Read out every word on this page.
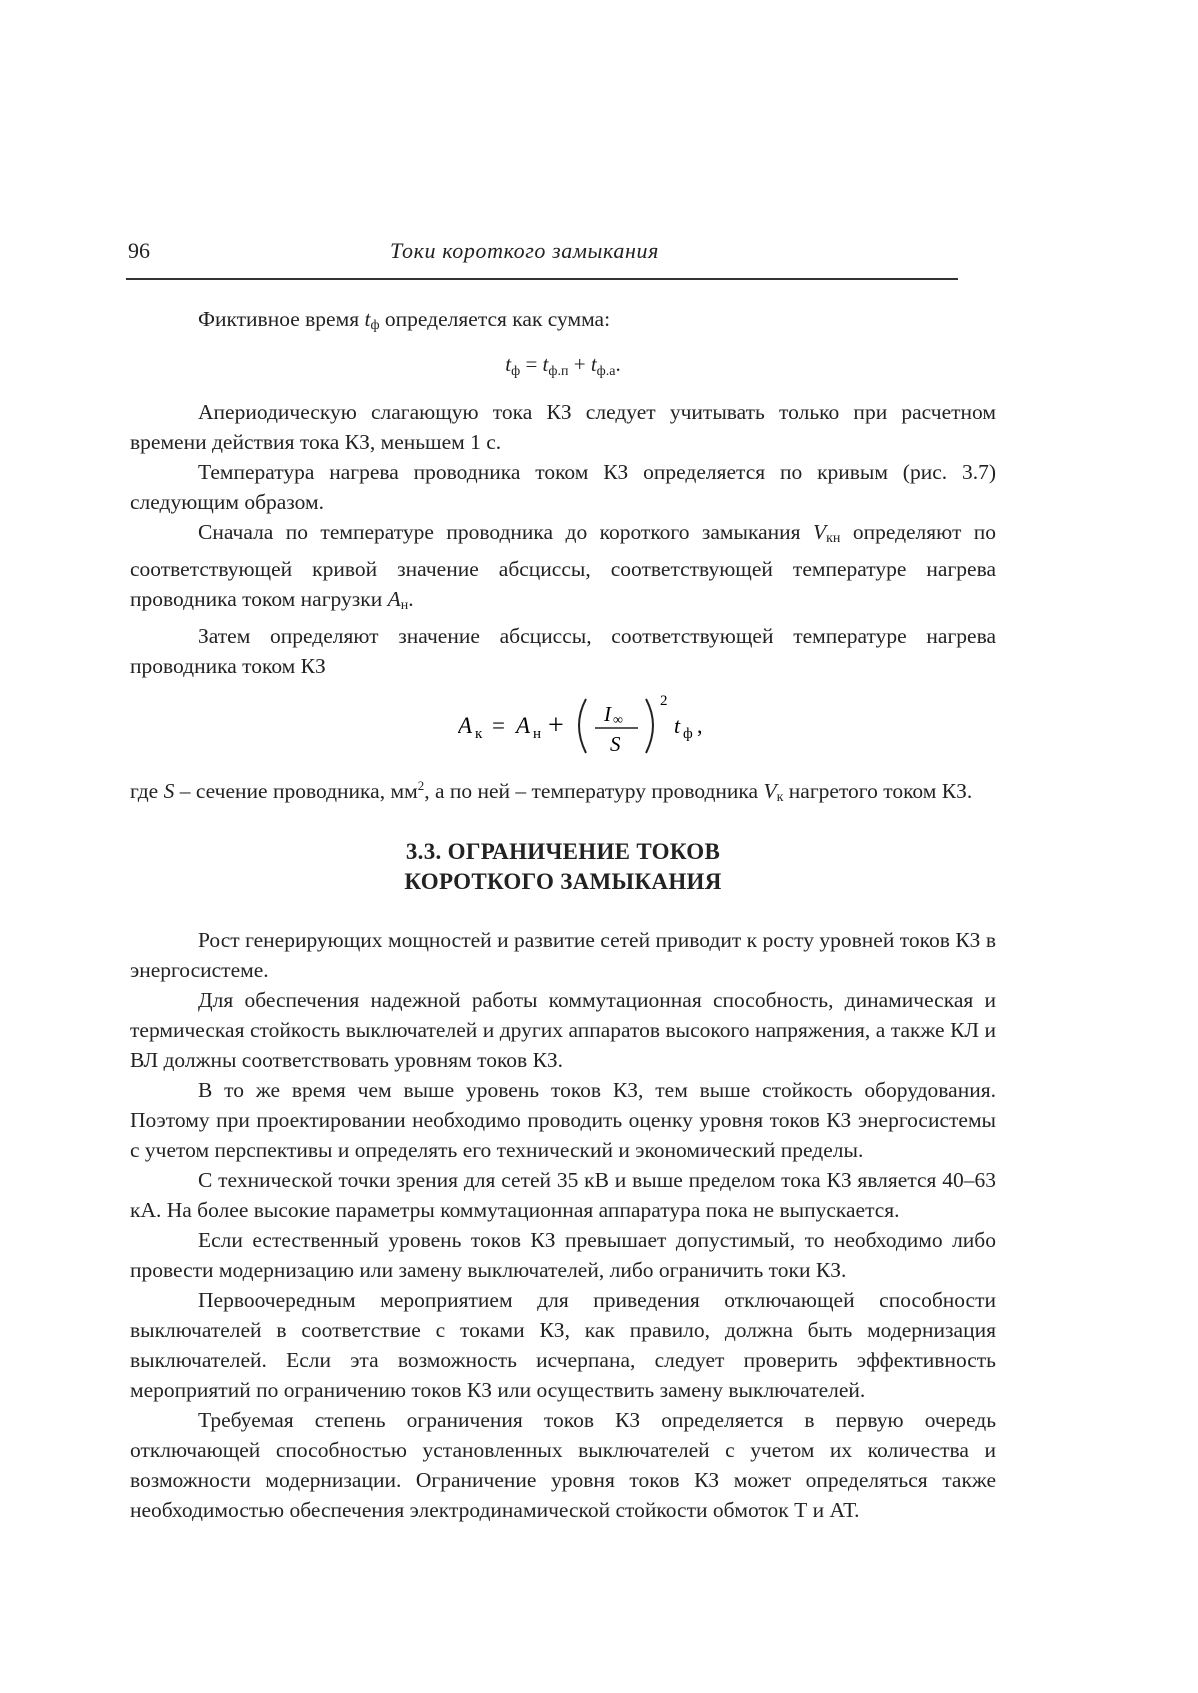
96	Токи короткого замыкания

Фиктивное время tф определяется как сумма:

$t_ф = t_{ф.п} + t_{ф.а}$.

Апериодическую слагающую тока КЗ следует учитывать только при расчетном времени действия тока КЗ, меньшем 1 с.

Температура нагрева проводника током КЗ определяется по кривым (рис. 3.7) следующим образом.

Сначала по температуре проводника до короткого замыкания Vкн определяют по соответствующей кривой значение абсциссы, соответствующей температуре нагрева проводника током нагрузки Aн.

Затем определяют значение абсциссы, соответствующей температуре нагрева проводника током КЗ

A к = A н + I ∞
S
2
t ф ,

где S – сечение проводника, $мм^2$, а по ней – температуру проводника Vк нагретого током КЗ.

3.3. ОГРАНИЧЕНИЕ ТОКОВ
КОРОТКОГО ЗАМЫКАНИЯ

Рост генерирующих мощностей и развитие сетей приводит к росту уровней токов КЗ в энергосистеме.

Для обеспечения надежной работы коммутационная способность, динамическая и термическая стойкость выключателей и других аппаратов высокого напряжения, а также КЛ и ВЛ должны соответствовать уровням токов КЗ.

В то же время чем выше уровень токов КЗ, тем выше стойкость оборудования. Поэтому при проектировании необходимо проводить оценку уровня токов КЗ энергосистемы с учетом перспективы и определять его технический и экономический пределы.

С технической точки зрения для сетей 35 кВ и выше пределом тока КЗ является 40–63 кА. На более высокие параметры коммутационная аппаратура пока не выпускается.

Если естественный уровень токов КЗ превышает допустимый, то необходимо либо провести модернизацию или замену выключателей, либо ограничить токи КЗ.

Первоочередным мероприятием для приведения отключающей способности выключателей в соответствие с токами КЗ, как правило, должна быть модернизация выключателей. Если эта возможность исчерпана, следует проверить эффективность мероприятий по ограничению токов КЗ или осуществить замену выключателей.

Требуемая степень ограничения токов КЗ определяется в первую очередь отключающей способностью установленных выключателей с учетом их количества и возможности модернизации. Ограничение уровня токов КЗ может определяться также необходимостью обеспечения электродинамической стойкости обмоток Т и АТ.
